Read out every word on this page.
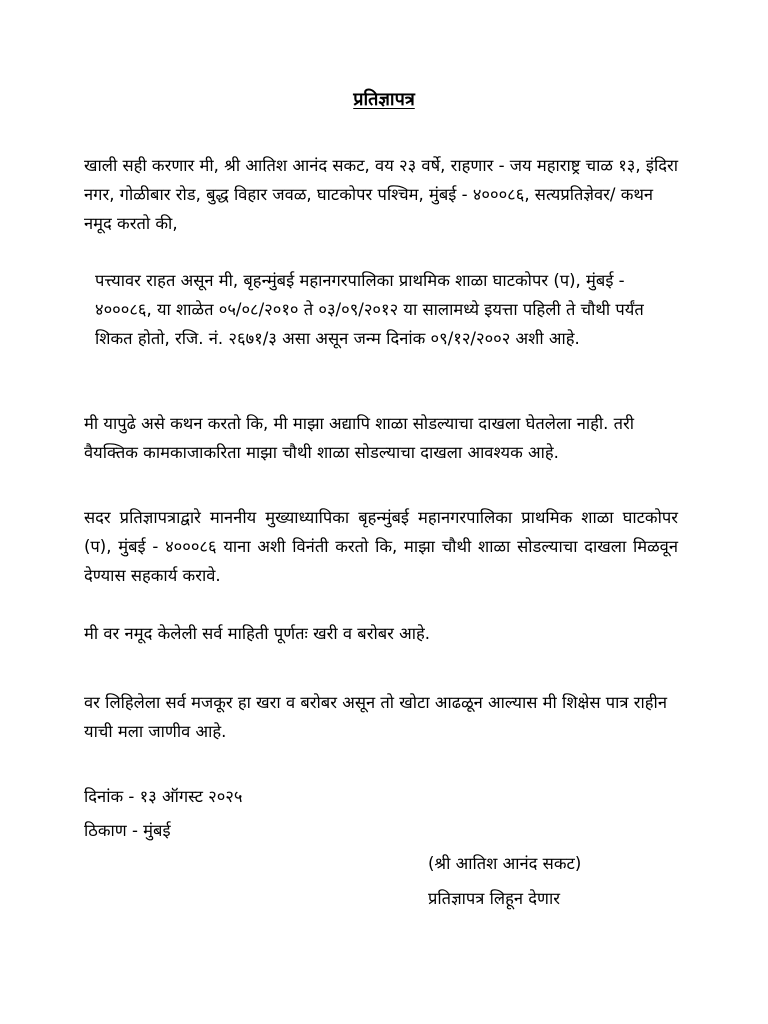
प्रतिज्ञापत्र

खाली सही करणार मी, श्री आतिश आनंद सकट, वय २३ वर्षे, राहणार - जय महाराष्ट्र चाळ १३, इंदिरा नगर, गोळीबार रोड, बुद्ध विहार जवळ, घाटकोपर पश्चिम, मुंबई - ४०००८६, सत्यप्रतिज्ञेवर/ कथन नमूद करतो की,

पत्त्यावर राहत असून मी, बृहन्मुंबई महानगरपालिका प्राथमिक शाळा घाटकोपर (प), मुंबई - ४०००८६, या शाळेत ०५/०८/२०१० ते ०३/०९/२०१२ या सालामध्ये इयत्ता पहिली ते चौथी पर्यंत शिकत होतो, रजि. नं. २६७१/३ असा असून जन्म दिनांक ०९/१२/२००२ अशी आहे.

मी यापुढे असे कथन करतो कि, मी माझा अद्यापि शाळा सोडल्याचा दाखला घेतलेला नाही. तरी वैयक्तिक कामकाजाकरिता माझा चौथी शाळा सोडल्याचा दाखला आवश्यक आहे.

सदर प्रतिज्ञापत्राद्वारे माननीय मुख्याध्यापिका बृहन्मुंबई महानगरपालिका प्राथमिक शाळा घाटकोपर (प), मुंबई - ४०००८६ याना अशी विनंती करतो कि, माझा चौथी शाळा सोडल्याचा दाखला मिळवून देण्यास सहकार्य करावे.

मी वर नमूद केलेली सर्व माहिती पूर्णतः खरी व बरोबर आहे.

वर लिहिलेला सर्व मजकूर हा खरा व बरोबर असून तो खोटा आढळून आल्यास मी शिक्षेस पात्र राहीन याची मला जाणीव आहे.

दिनांक - १३ ऑगस्ट २०२५
ठिकाण - मुंबई
(श्री आतिश आनंद सकट)
प्रतिज्ञापत्र लिहून देणार
